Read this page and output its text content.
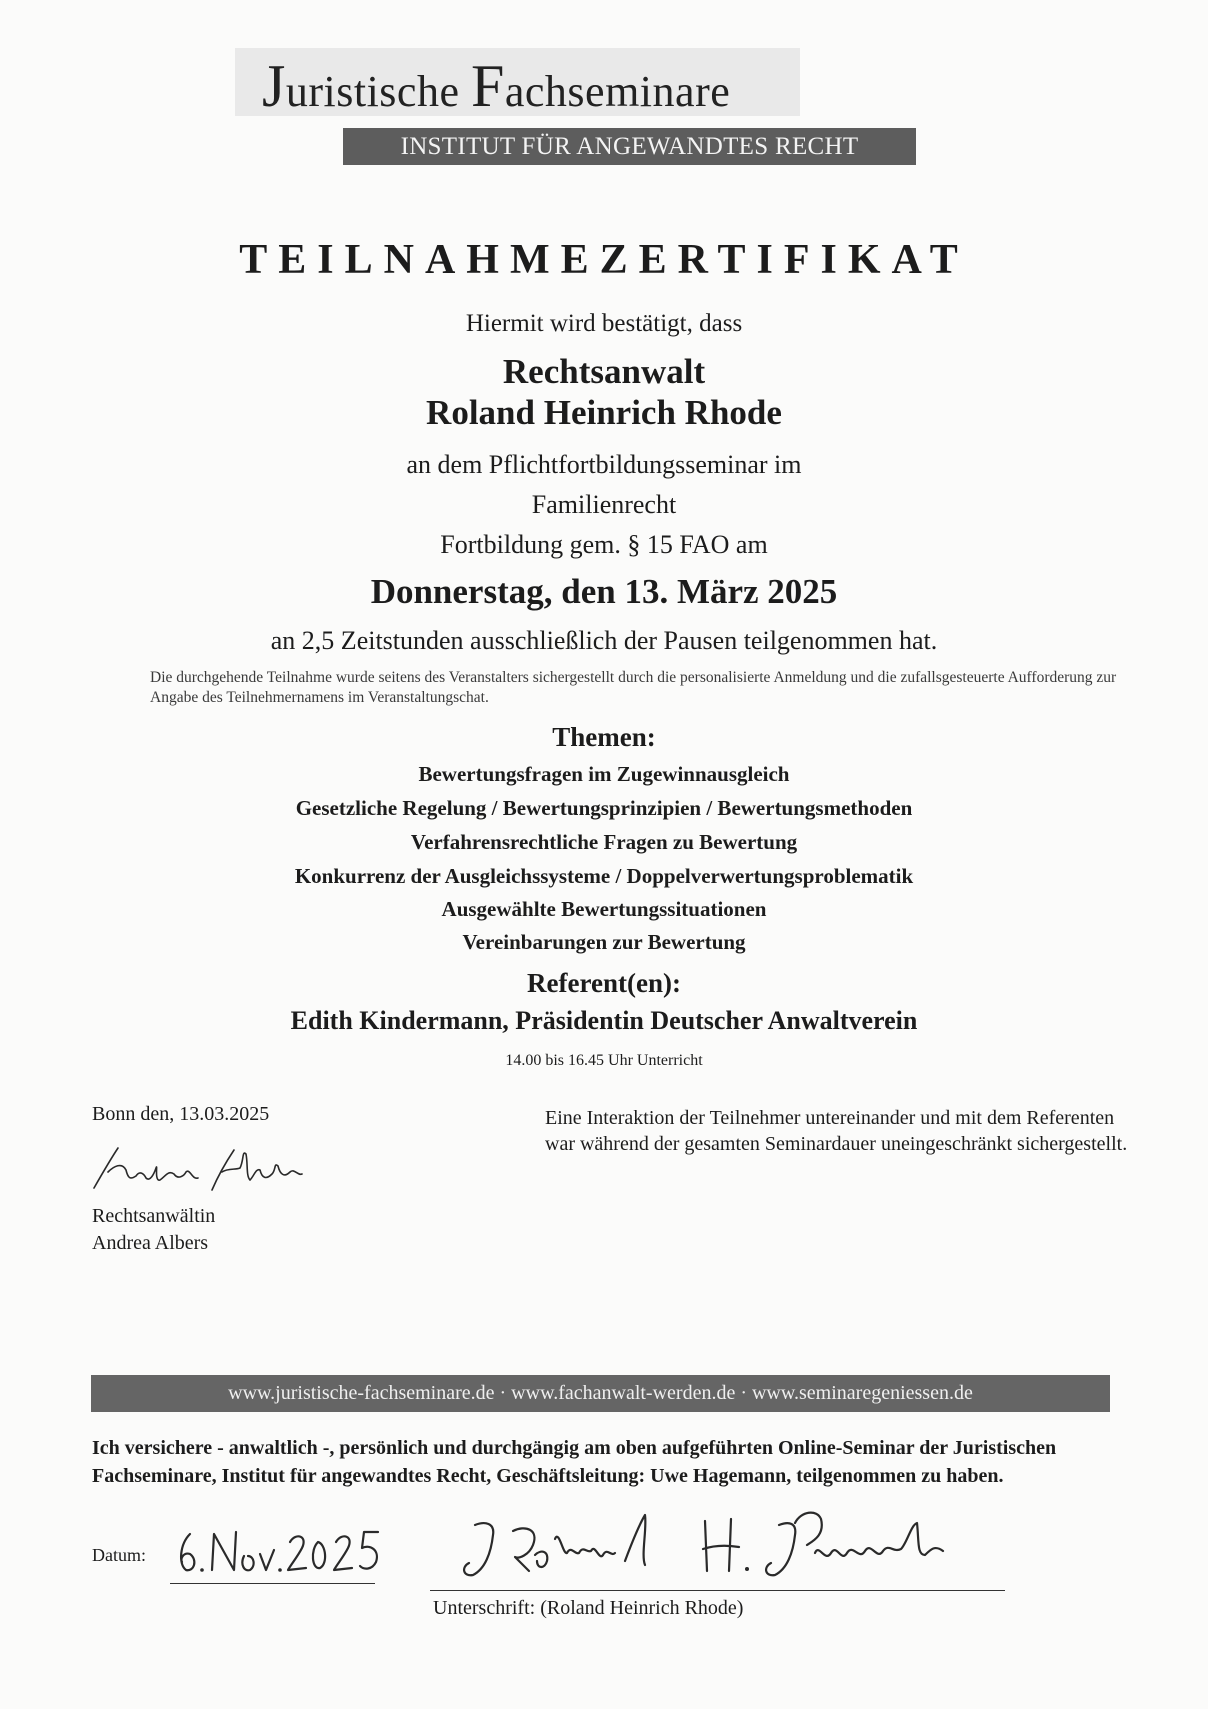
Juristische Fachseminare
INSTITUT FÜR ANGEWANDTES RECHT
TEILNAHMEZERTIFIKAT
Hiermit wird bestätigt, dass
Rechtsanwalt
Roland Heinrich Rhode
an dem Pflichtfortbildungsseminar im
Familienrecht
Fortbildung gem. § 15 FAO am
Donnerstag, den 13. März 2025
an 2,5 Zeitstunden ausschließlich der Pausen teilgenommen hat.
Die durchgehende Teilnahme wurde seitens des Veranstalters sichergestellt durch die personalisierte Anmeldung und die zufallsgesteuerte Aufforderung zur Angabe des Teilnehmernamens im Veranstaltungschat.
Themen:
Bewertungsfragen im Zugewinnausgleich
Gesetzliche Regelung / Bewertungsprinzipien / Bewertungsmethoden
Verfahrensrechtliche Fragen zu Bewertung
Konkurrenz der Ausgleichssysteme / Doppelverwertungsproblematik
Ausgewählte Bewertungssituationen
Vereinbarungen zur Bewertung
Referent(en):
Edith Kindermann, Präsidentin Deutscher Anwaltverein
14.00 bis 16.45 Uhr Unterricht
Bonn den, 13.03.2025
Rechtsanwältin
Andrea Albers
Eine Interaktion der Teilnehmer untereinander und mit dem Referenten war während der gesamten Seminardauer uneingeschränkt sichergestellt.
www.juristische-fachseminare.de · www.fachanwalt-werden.de · www.seminaregeniessen.de
Ich versichere - anwaltlich -, persönlich und durchgängig am oben aufgeführten Online-Seminar der Juristischen Fachseminare, Institut für angewandtes Recht, Geschäftsleitung: Uwe Hagemann, teilgenommen zu haben.
Datum:
Unterschrift: (Roland Heinrich Rhode)
